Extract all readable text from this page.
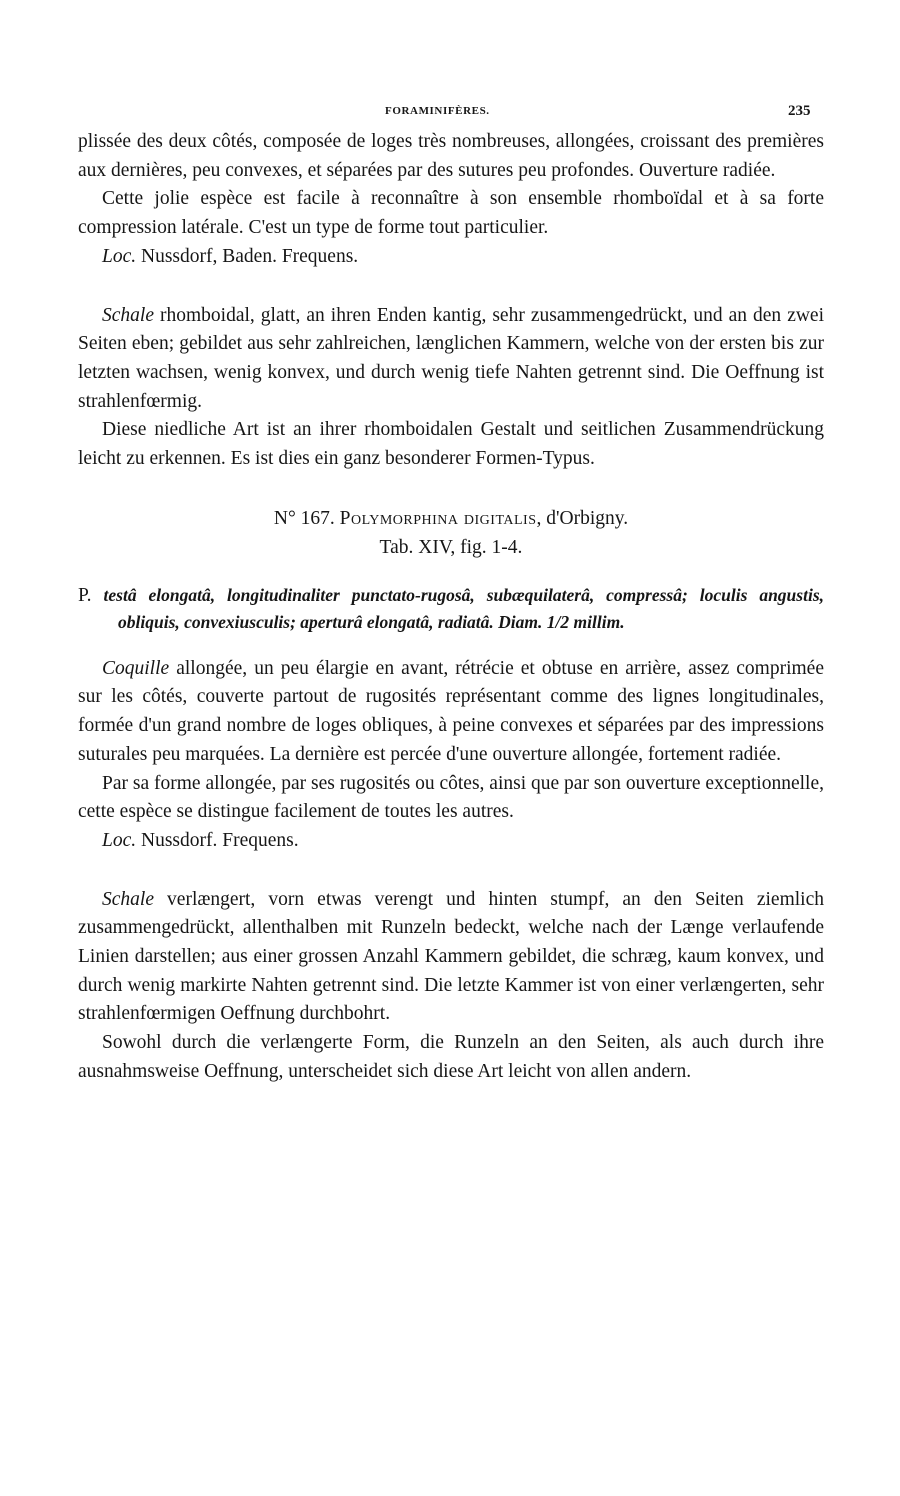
FORAMINIFÈRES.	235

plissée des deux côtés, composée de loges très nombreuses, allongées, croissant des premières aux dernières, peu convexes, et séparées par des sutures peu profondes. Ouverture radiée.

Cette jolie espèce est facile à reconnaître à son ensemble rhomboïdal et à sa forte compression latérale. C'est un type de forme tout particulier.

Loc. Nussdorf, Baden. Frequens.

Schale rhomboidal, glatt, an ihren Enden kantig, sehr zusammengedrückt, und an den zwei Seiten eben; gebildet aus sehr zahlreichen, længlichen Kammern, welche von der ersten bis zur letzten wachsen, wenig konvex, und durch wenig tiefe Nahten getrennt sind. Die Oeffnung ist strahlenfœrmig.

Diese niedliche Art ist an ihrer rhomboidalen Gestalt und seitlichen Zusammendrückung leicht zu erkennen. Es ist dies ein ganz besonderer Formen-Typus.

N° 167. Polymorphina digitalis, d'Orbigny.

Tab. XIV, fig. 1-4.

P. testâ elongatâ, longitudinaliter punctato-rugosâ, subæquilaterâ, compressâ; loculis angustis, obliquis, convexiusculis; aperturâ elongatâ, radiatâ. Diam. 1/2 millim.

Coquille allongée, un peu élargie en avant, rétrécie et obtuse en arrière, assez comprimée sur les côtés, couverte partout de rugosités représentant comme des lignes longitudinales, formée d'un grand nombre de loges obliques, à peine convexes et séparées par des impressions suturales peu marquées. La dernière est percée d'une ouverture allongée, fortement radiée.

Par sa forme allongée, par ses rugosités ou côtes, ainsi que par son ouverture exceptionnelle, cette espèce se distingue facilement de toutes les autres.

Loc. Nussdorf. Frequens.

Schale verlængert, vorn etwas verengt und hinten stumpf, an den Seiten ziemlich zusammengedrückt, allenthalben mit Runzeln bedeckt, welche nach der Længe verlaufende Linien darstellen; aus einer grossen Anzahl Kammern gebildet, die schræg, kaum konvex, und durch wenig markirte Nahten getrennt sind. Die letzte Kammer ist von einer verlængerten, sehr strahlenfœrmigen Oeffnung durchbohrt.

Sowohl durch die verlængerte Form, die Runzeln an den Seiten, als auch durch ihre ausnahmsweise Oeffnung, unterscheidet sich diese Art leicht von allen andern.
